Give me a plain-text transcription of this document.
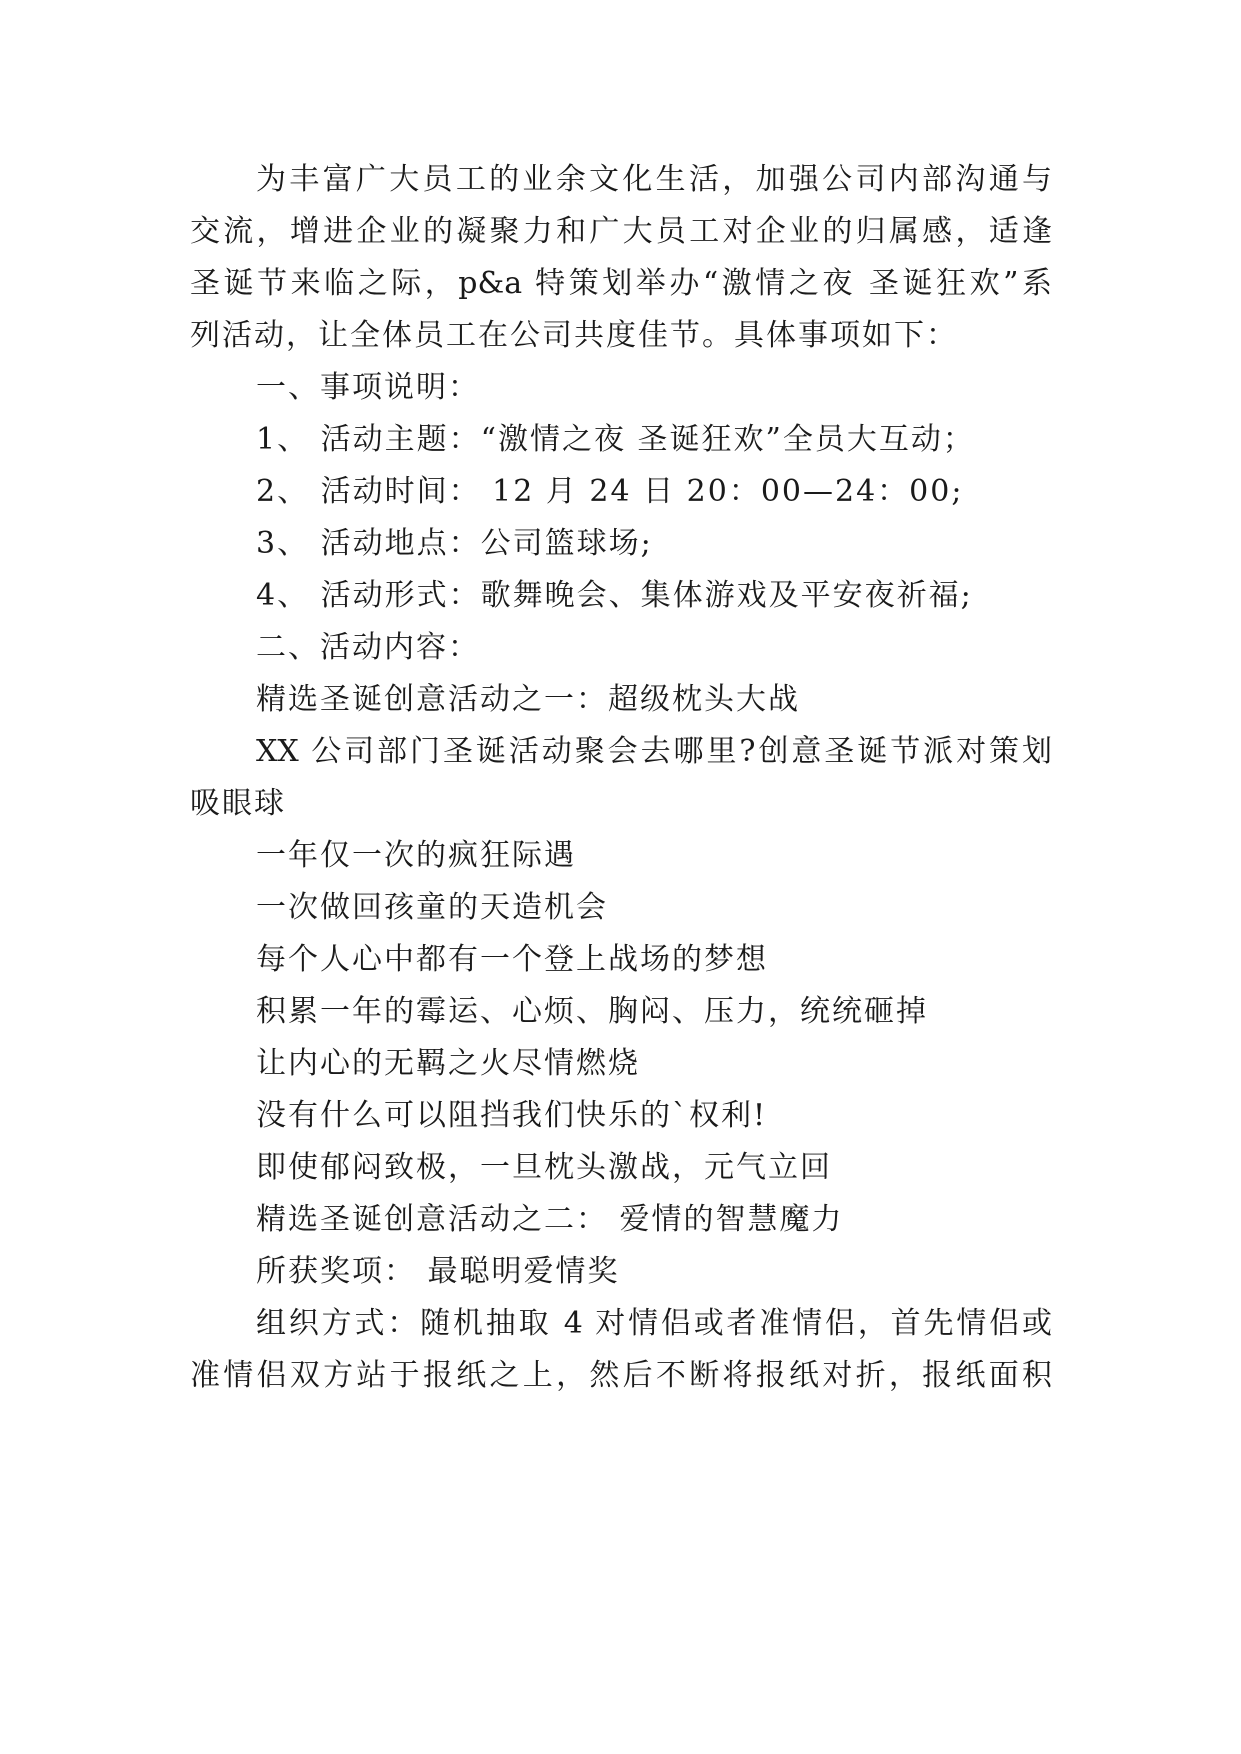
为丰富广大员工的业余文化生活，加强公司内部沟通与
交流，增进企业的凝聚力和广大员工对企业的归属感，适逢
圣诞节来临之际，p&a 特策划举办“激情之夜 圣诞狂欢”系
列活动，让全体员工在公司共度佳节。具体事项如下：
一、事项说明：
1、 活动主题：“激情之夜 圣诞狂欢”全员大互动；
2、 活动时间： 12 月 24 日 20：00—24：00;
3、 活动地点：公司篮球场;
4、 活动形式：歌舞晚会、集体游戏及平安夜祈福;
二、活动内容：
精选圣诞创意活动之一：超级枕头大战
XX 公司部门圣诞活动聚会去哪里?创意圣诞节派对策划
吸眼球
一年仅一次的疯狂际遇
一次做回孩童的天造机会
每个人心中都有一个登上战场的梦想
积累一年的霉运、心烦、胸闷、压力，统统砸掉
让内心的无羁之火尽情燃烧
没有什么可以阻挡我们快乐的`权利!
即使郁闷致极，一旦枕头激战，元气立回
精选圣诞创意活动之二： 爱情的智慧魔力
所获奖项： 最聪明爱情奖
组织方式：随机抽取 4 对情侣或者准情侣，首先情侣或
准情侣双方站于报纸之上，然后不断将报纸对折，报纸面积
